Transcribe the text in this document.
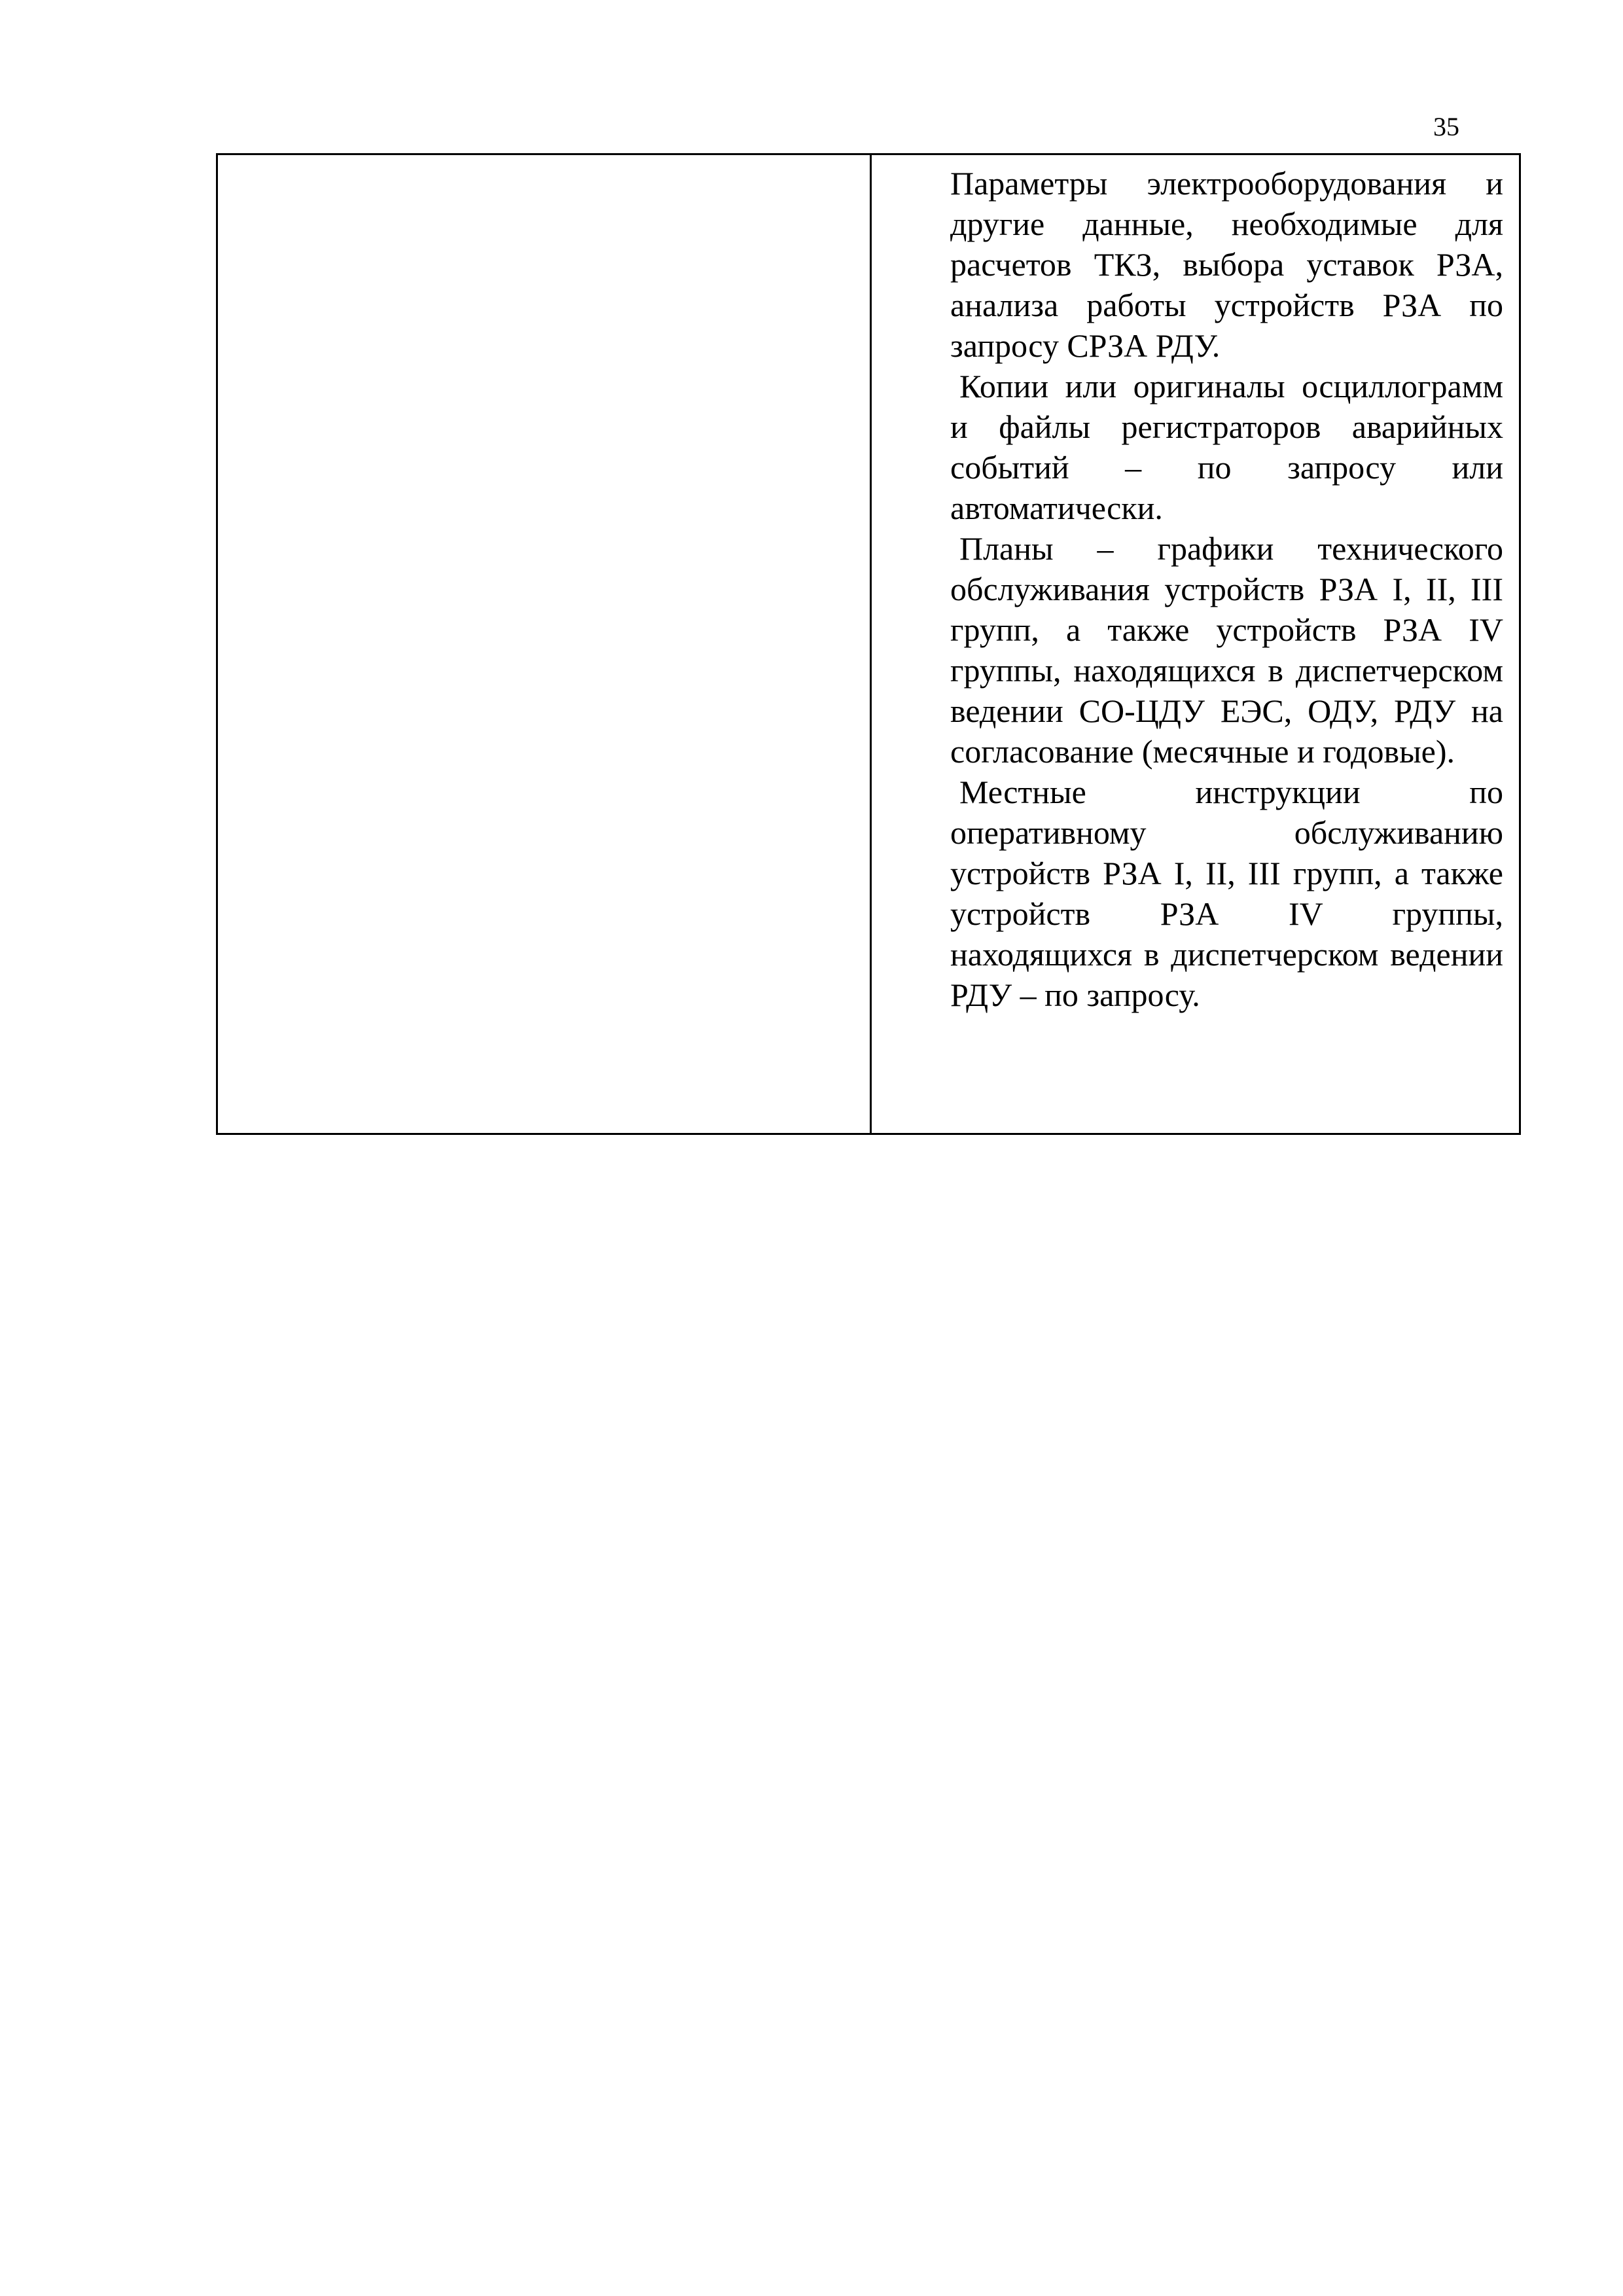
35

Параметры электрооборудования и другие данные, необходимые для расчетов ТКЗ, выбора уставок РЗА, анализа работы устройств РЗА по запросу СРЗА РДУ.

Копии или оригиналы осциллограмм и файлы регистраторов аварийных событий – по запросу или автоматически.

Планы – графики технического обслуживания устройств РЗА I, II, III групп, а также устройств РЗА IV группы, находящихся в диспетчерском ведении СО-ЦДУ ЕЭС, ОДУ, РДУ на согласование (месячные и годовые).

Местные инструкции по оперативному обслуживанию устройств РЗА I, II, III групп, а также устройств РЗА IV группы, находящихся в диспетчерском ведении РДУ – по запросу.
